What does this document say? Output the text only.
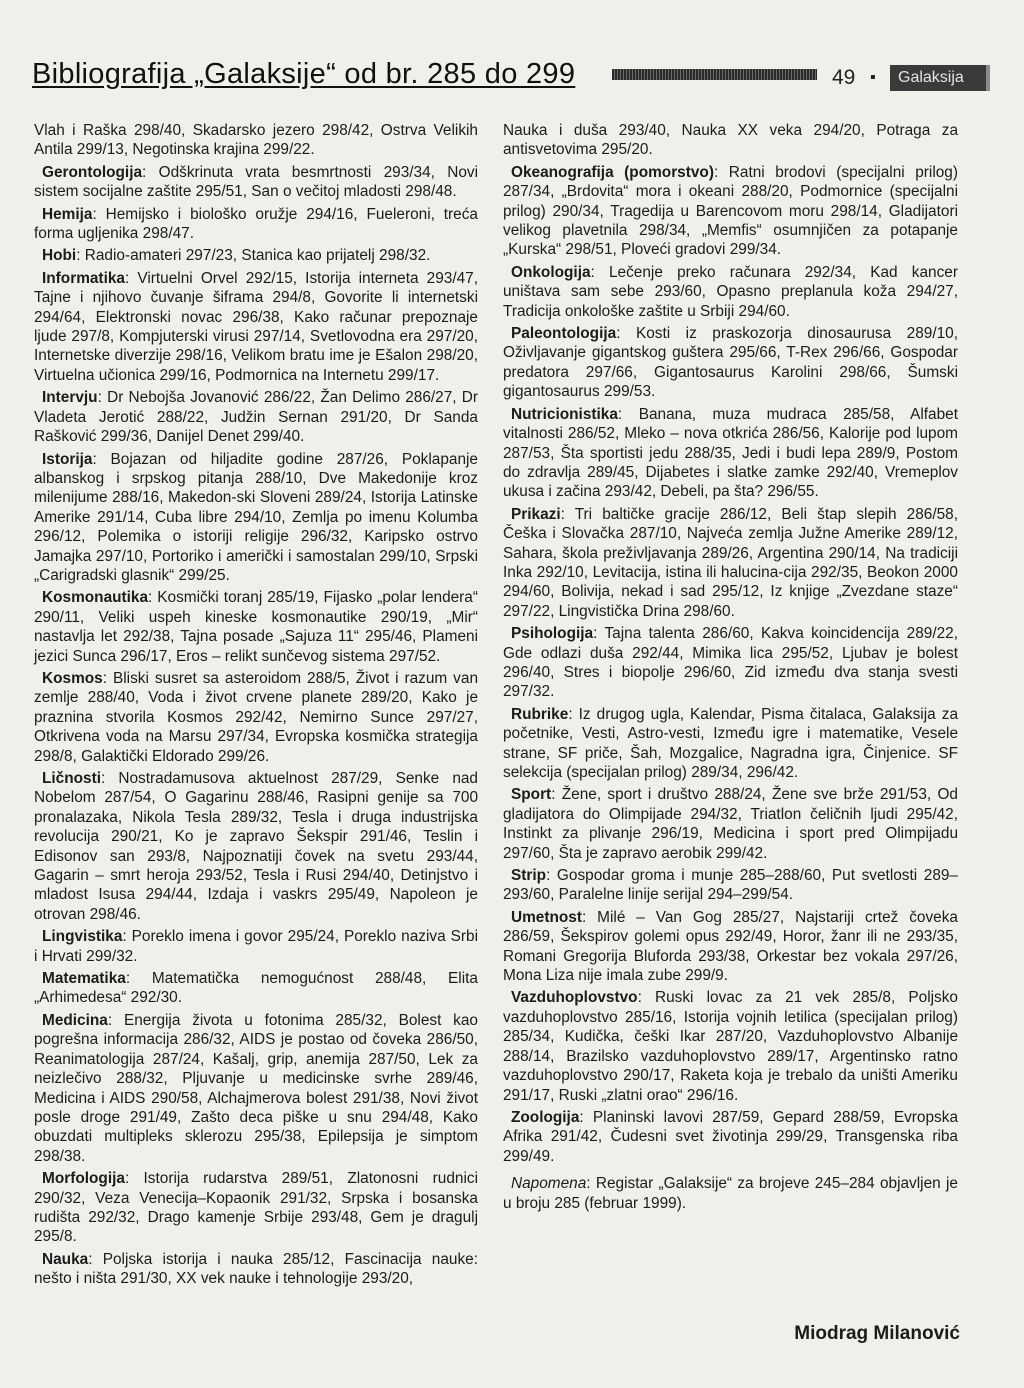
Bibliografija „Galaksije“ od br. 285 do 299	49 ▪	Galaksija

Vlah i Raška 298/40, Skadarsko jezero 298/42, Ostrva Velikih Antila 299/13, Negotinska krajina 299/22.

Gerontologija: Odškrinuta vrata besmrtnosti 293/34, Novi sistem socijalne zaštite 295/51, San o večitoj mladosti 298/48.

Hemija: Hemijsko i biološko oružje 294/16, Fueleroni, treća forma ugljenika 298/47.

Hobi: Radio-amateri 297/23, Stanica kao prijatelj 298/32.

Informatika: Virtuelni Orvel 292/15, Istorija interneta 293/47, Tajne i njihovo čuvanje šiframa 294/8, Govorite li internetski 294/64, Elektronski novac 296/38, Kako računar prepoznaje ljude 297/8, Kompjuterski virusi 297/14, Svetlovodna era 297/20, Internetske diverzije 298/16, Velikom bratu ime je Ešalon 298/20, Virtuelna učionica 299/16, Podmornica na Internetu 299/17.

Intervju: Dr Nebojša Jovanović 286/22, Žan Delimo 286/27, Dr Vladeta Jerotić 288/22, Judžin Sernan 291/20, Dr Sanda Rašković 299/36, Danijel Denet 299/40.

Istorija: Bojazan od hiljadite godine 287/26, Poklapanje albanskog i srpskog pitanja 288/10, Dve Makedonije kroz milenijume 288/16, Makedon-ski Sloveni 289/24, Istorija Latinske Amerike 291/14, Cuba libre 294/10, Zemlja po imenu Kolumba 296/12, Polemika o istoriji religije 296/32, Karipsko ostrvo Jamajka 297/10, Portoriko i američki i samostalan 299/10, Srpski „Carigradski glasnik“ 299/25.

Kosmonautika: Kosmički toranj 285/19, Fijasko „polar lendera“ 290/11, Veliki uspeh kineske kosmonautike 290/19, „Mir“ nastavlja let 292/38, Tajna posade „Sajuza 11“ 295/46, Plameni jezici Sunca 296/17, Eros – relikt sunčevog sistema 297/52.

Kosmos: Bliski susret sa asteroidom 288/5, Život i razum van zemlje 288/40, Voda i život crvene planete 289/20, Kako je praznina stvorila Kosmos 292/42, Nemirno Sunce 297/27, Otkrivena voda na Marsu 297/34, Evropska kosmička strategija 298/8, Galaktički Eldorado 299/26.

Ličnosti: Nostradamusova aktuelnost 287/29, Senke nad Nobelom 287/54, O Gagarinu 288/46, Rasipni genije sa 700 pronalazaka, Nikola Tesla 289/32, Tesla i druga industrijska revolucija 290/21, Ko je zapravo Šekspir 291/46, Teslin i Edisonov san 293/8, Najpoznatiji čovek na svetu 293/44, Gagarin – smrt heroja 293/52, Tesla i Rusi 294/40, Detinjstvo i mladost Isusa 294/44, Izdaja i vaskrs 295/49, Napoleon je otrovan 298/46.

Lingvistika: Poreklo imena i govor 295/24, Poreklo naziva Srbi i Hrvati 299/32.

Matematika: Matematička nemogućnost 288/48, Elita „Arhimedesa“ 292/30.

Medicina: Energija života u fotonima 285/32, Bolest kao pogrešna informacija 286/32, AIDS je postao od čoveka 286/50, Reanimatologija 287/24, Kašalj, grip, anemija 287/50, Lek za neizlečivo 288/32, Pljuvanje u medicinske svrhe 289/46, Medicina i AIDS 290/58, Alchajmerova bolest 291/38, Novi život posle droge 291/49, Zašto deca piške u snu 294/48, Kako obuzdati multipleks sklerozu 295/38, Epilepsija je simptom 298/38.

Morfologija: Istorija rudarstva 289/51, Zlatonosni rudnici 290/32, Veza Venecija–Kopaonik 291/32, Srpska i bosanska rudišta 292/32, Drago kamenje Srbije 293/48, Gem je dragulj 295/8.

Nauka: Poljska istorija i nauka 285/12, Fascinacija nauke: nešto i ništa 291/30, XX vek nauke i tehnologije 293/20,

Nauka i duša 293/40, Nauka XX veka 294/20, Potraga za antisvetovima 295/20.

Okeanografija (pomorstvo): Ratni brodovi (specijalni prilog) 287/34, „Brdovita“ mora i okeani 288/20, Podmornice (specijalni prilog) 290/34, Tragedija u Barencovom moru 298/14, Gladijatori velikog plavetnila 298/34, „Memfis“ osumnjičen za potapanje „Kurska“ 298/51, Ploveći gradovi 299/34.

Onkologija: Lečenje preko računara 292/34, Kad kancer uništava sam sebe 293/60, Opasno preplanula koža 294/27, Tradicija onkološke zaštite u Srbiji 294/60.

Paleontologija: Kosti iz praskozorja dinosaurusa 289/10, Oživljavanje gigantskog guštera 295/66, T-Rex 296/66, Gospodar predatora 297/66, Gigantosaurus Karolini 298/66, Šumski gigantosaurus 299/53.

Nutricionistika: Banana, muza mudraca 285/58, Alfabet vitalnosti 286/52, Mleko – nova otkrića 286/56, Kalorije pod lupom 287/53, Šta sportisti jedu 288/35, Jedi i budi lepa 289/9, Postom do zdravlja 289/45, Dijabetes i slatke zamke 292/40, Vremeplov ukusa i začina 293/42, Debeli, pa šta? 296/55.

Prikazi: Tri baltičke gracije 286/12, Beli štap slepih 286/58, Češka i Slovačka 287/10, Najveća zemlja Južne Amerike 289/12, Sahara, škola preživljavanja 289/26, Argentina 290/14, Na tradiciji Inka 292/10, Levitacija, istina ili halucina-cija 292/35, Beokon 2000 294/60, Bolivija, nekad i sad 295/12, Iz knjige „Zvezdane staze“ 297/22, Lingvistička Drina 298/60.

Psihologija: Tajna talenta 286/60, Kakva koincidencija 289/22, Gde odlazi duša 292/44, Mimika lica 295/52, Ljubav je bolest 296/40, Stres i biopolje 296/60, Zid između dva stanja svesti 297/32.

Rubrike: Iz drugog ugla, Kalendar, Pisma čitalaca, Galaksija za početnike, Vesti, Astro-vesti, Između igre i matematike, Vesele strane, SF priče, Šah, Mozgalice, Nagradna igra, Činjenice. SF selekcija (specijalan prilog) 289/34, 296/42.

Sport: Žene, sport i društvo 288/24, Žene sve brže 291/53, Od gladijatora do Olimpijade 294/32, Triatlon čeličnih ljudi 295/42, Instinkt za plivanje 296/19, Medicina i sport pred Olimpijadu 297/60, Šta je zapravo aerobik 299/42.

Strip: Gospodar groma i munje 285–288/60, Put svetlosti 289–293/60, Paralelne linije serijal 294–299/54.

Umetnost: Milé – Van Gog 285/27, Najstariji crtež čoveka 286/59, Šekspirov golemi opus 292/49, Horor, žanr ili ne 293/35, Romani Gregorija Bluforda 293/38, Orkestar bez vokala 297/26, Mona Liza nije imala zube 299/9.

Vazduhoplovstvo: Ruski lovac za 21 vek 285/8, Poljsko vazduhoplovstvo 285/16, Istorija vojnih letilica (specijalan prilog) 285/34, Kudička, češki Ikar 287/20, Vazduhoplovstvo Albanije 288/14, Brazilsko vazduhoplovstvo 289/17, Argentinsko ratno vazduhoplovstvo 290/17, Raketa koja je trebalo da uništi Ameriku 291/17, Ruski „zlatni orao“ 296/16.

Zoologija: Planinski lavovi 287/59, Gepard 288/59, Evropska Afrika 291/42, Čudesni svet životinja 299/29, Transgenska riba 299/49.

Napomena: Registar „Galaksije“ za brojeve 245–284 objavljen je u broju 285 (februar 1999).

Miodrag Milanović
